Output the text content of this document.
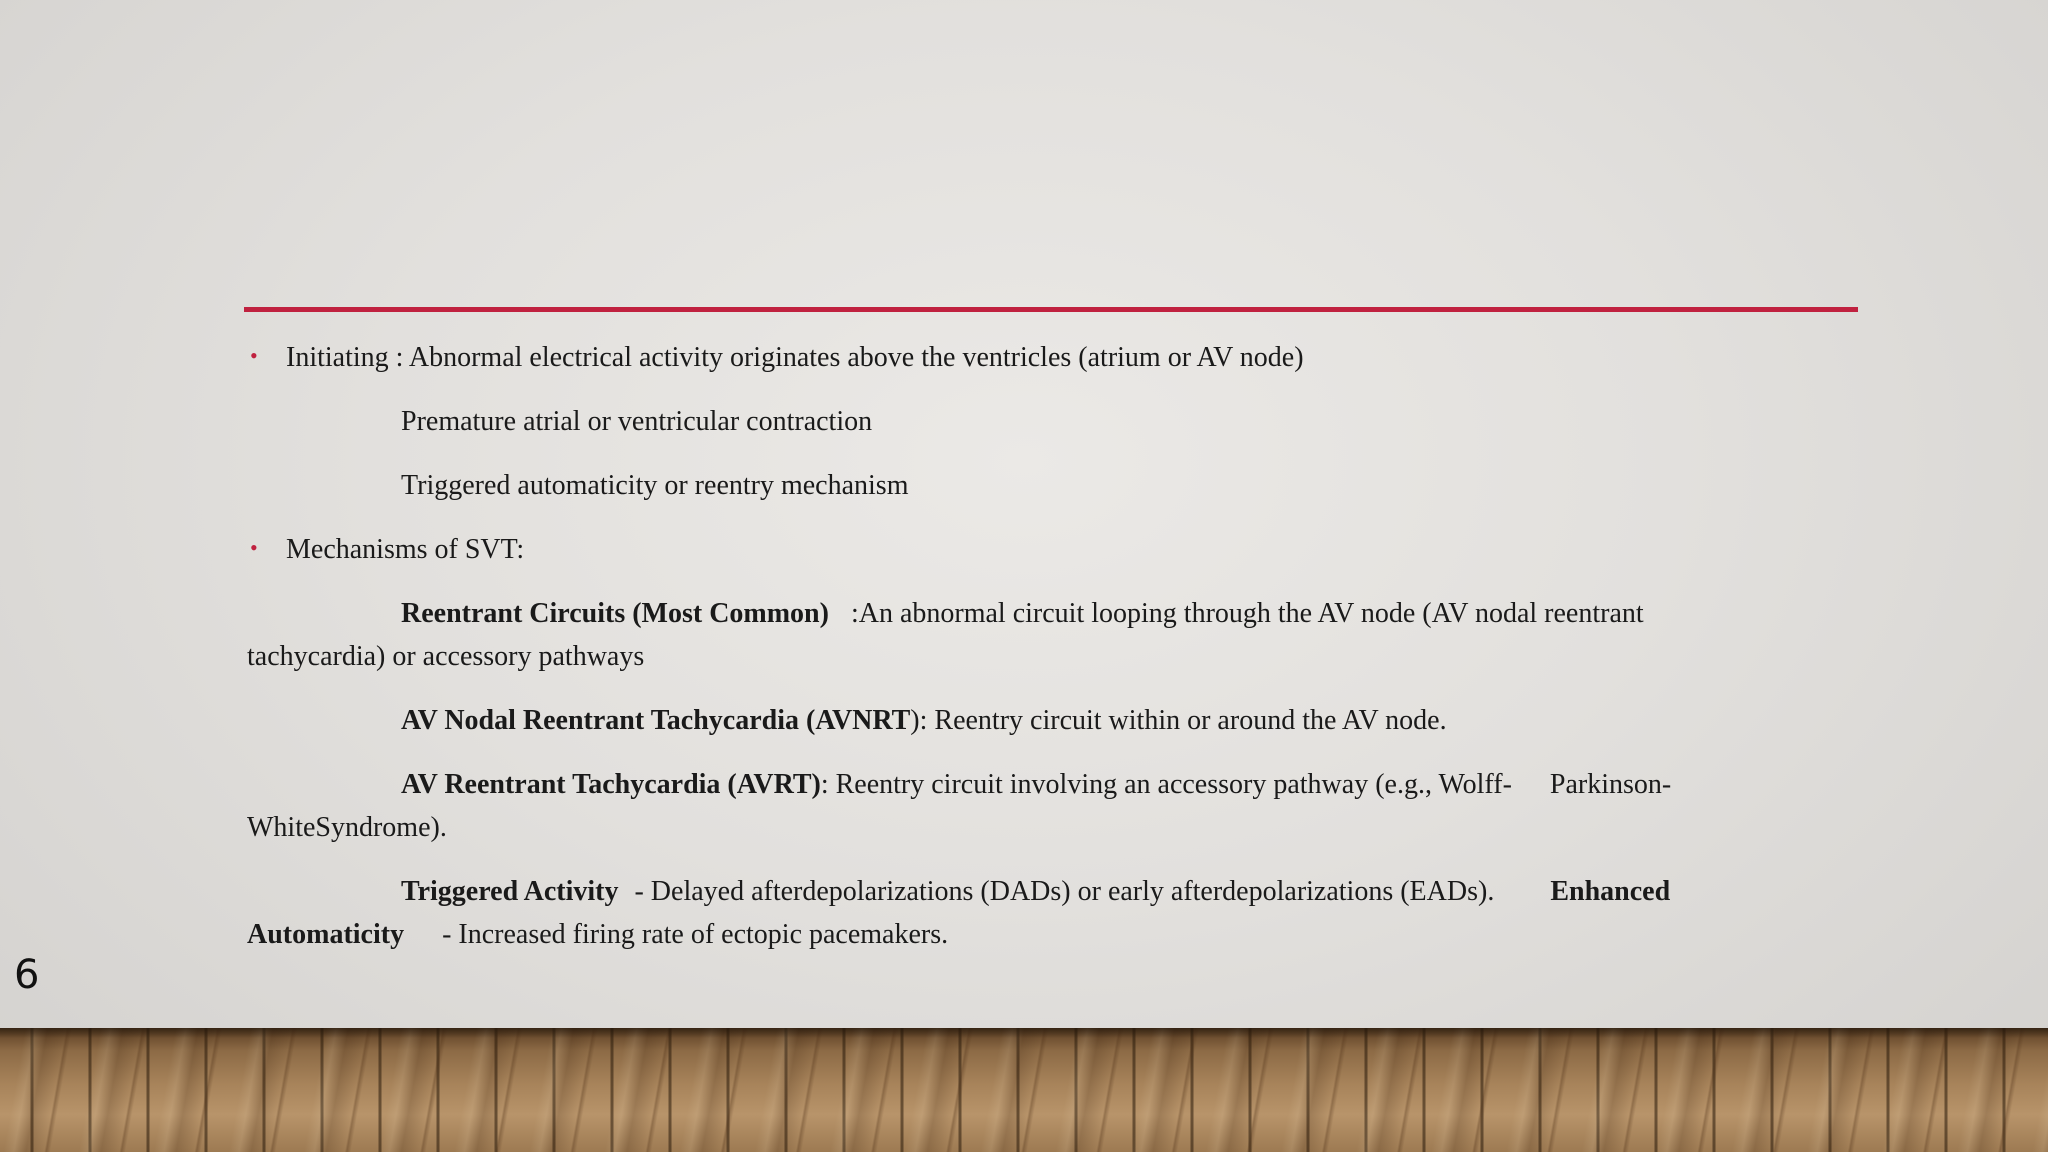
• Initiating : Abnormal electrical activity originates above the ventricles (atrium or AV node)

Premature atrial or ventricular contraction

Triggered automaticity or reentry mechanism

• Mechanisms of SVT:

Reentrant Circuits (Most Common) :An abnormal circuit looping through the AV node (AV nodal reentrant

tachycardia) or accessory pathways

AV Nodal Reentrant Tachycardia (AVNRT): Reentry circuit within or around the AV node.

AV Reentrant Tachycardia (AVRT): Reentry circuit involving an accessory pathway (e.g., Wolff- Parkinson-

WhiteSyndrome).

Triggered Activity - Delayed afterdepolarizations (DADs) or early afterdepolarizations (EADs). Enhanced

Automaticity - Increased firing rate of ectopic pacemakers.

6
